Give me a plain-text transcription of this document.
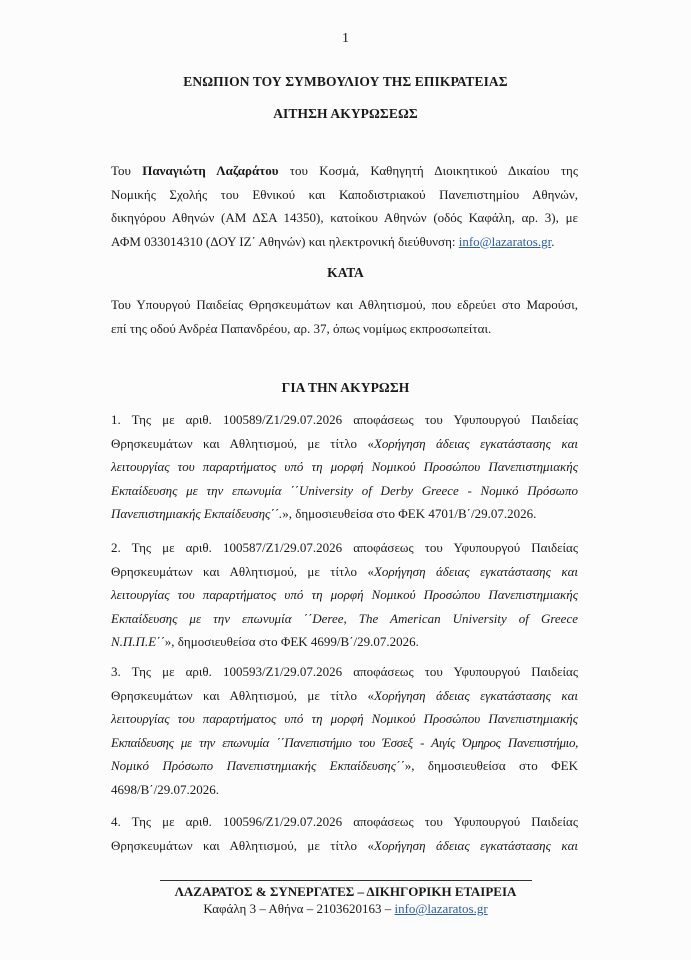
1
ΕΝΩΠΙΟΝ ΤΟΥ ΣΥΜΒΟΥΛΙΟΥ ΤΗΣ ΕΠΙΚΡΑΤΕΙΑΣ
ΑΙΤΗΣΗ ΑΚΥΡΩΣΕΩΣ
Του Παναγιώτη Λαζαράτου του Κοσμά, Καθηγητή Διοικητικού Δικαίου της
Νομικής Σχολής του Εθνικού και Καποδιστριακού Πανεπιστημίου Αθηνών,
δικηγόρου Αθηνών (ΑΜ ΔΣΑ 14350), κατοίκου Αθηνών (οδός Καφάλη, αρ. 3), με
ΑΦΜ 033014310 (ΔΟΥ ΙΖ΄ Αθηνών) και ηλεκτρονική διεύθυνση: info@lazaratos.gr.
ΚΑΤΑ
Του Υπουργού Παιδείας Θρησκευμάτων και Αθλητισμού, που εδρεύει στο Μαρούσι,
επί της οδού Ανδρέα Παπανδρέου, αρ. 37, όπως νομίμως εκπροσωπείται.
ΓΙΑ ΤΗΝ ΑΚΥΡΩΣΗ
1. Της με αριθ. 100589/Ζ1/29.07.2026 αποφάσεως του Υφυπουργού Παιδείας
Θρησκευμάτων και Αθλητισμού, με τίτλο «Χορήγηση άδειας εγκατάστασης και
λειτουργίας του παραρτήματος υπό τη μορφή Νομικού Προσώπου Πανεπιστημιακής
Εκπαίδευσης με την επωνυμία ΄΄University of Derby Greece - Νομικό Πρόσωπο
Πανεπιστημιακής Εκπαίδευσης΄΄.», δημοσιευθείσα στο ΦΕΚ 4701/Β΄/29.07.2026.
2. Της με αριθ. 100587/Ζ1/29.07.2026 αποφάσεως του Υφυπουργού Παιδείας
Θρησκευμάτων και Αθλητισμού, με τίτλο «Χορήγηση άδειας εγκατάστασης και
λειτουργίας του παραρτήματος υπό τη μορφή Νομικού Προσώπου Πανεπιστημιακής
Εκπαίδευσης με την επωνυμία ΄΄Deree, The American University of Greece
Ν.Π.Π.Ε΄΄», δημοσιευθείσα στο ΦΕΚ 4699/Β΄/29.07.2026.
3. Της με αριθ. 100593/Ζ1/29.07.2026 αποφάσεως του Υφυπουργού Παιδείας
Θρησκευμάτων και Αθλητισμού, με τίτλο «Χορήγηση άδειας εγκατάστασης και
λειτουργίας του παραρτήματος υπό τη μορφή Νομικού Προσώπου Πανεπιστημιακής
Εκπαίδευσης με την επωνυμία ΄΄Πανεπιστήμιο του Έσσεξ - Αιγίς Όμηρος Πανεπιστήμιο,
Νομικό Πρόσωπο Πανεπιστημιακής Εκπαίδευσης΄΄», δημοσιευθείσα στο ΦΕΚ
4698/Β΄/29.07.2026.
4. Της με αριθ. 100596/Ζ1/29.07.2026 αποφάσεως του Υφυπουργού Παιδείας
Θρησκευμάτων και Αθλητισμού, με τίτλο «Χορήγηση άδειας εγκατάστασης και
ΛΑΖΑΡΑΤΟΣ & ΣΥΝΕΡΓΑΤΕΣ – ΔΙΚΗΓΟΡΙΚΗ ΕΤΑΙΡΕΙΑ
Καφάλη 3 – Αθήνα – 2103620163 – info@lazaratos.gr
